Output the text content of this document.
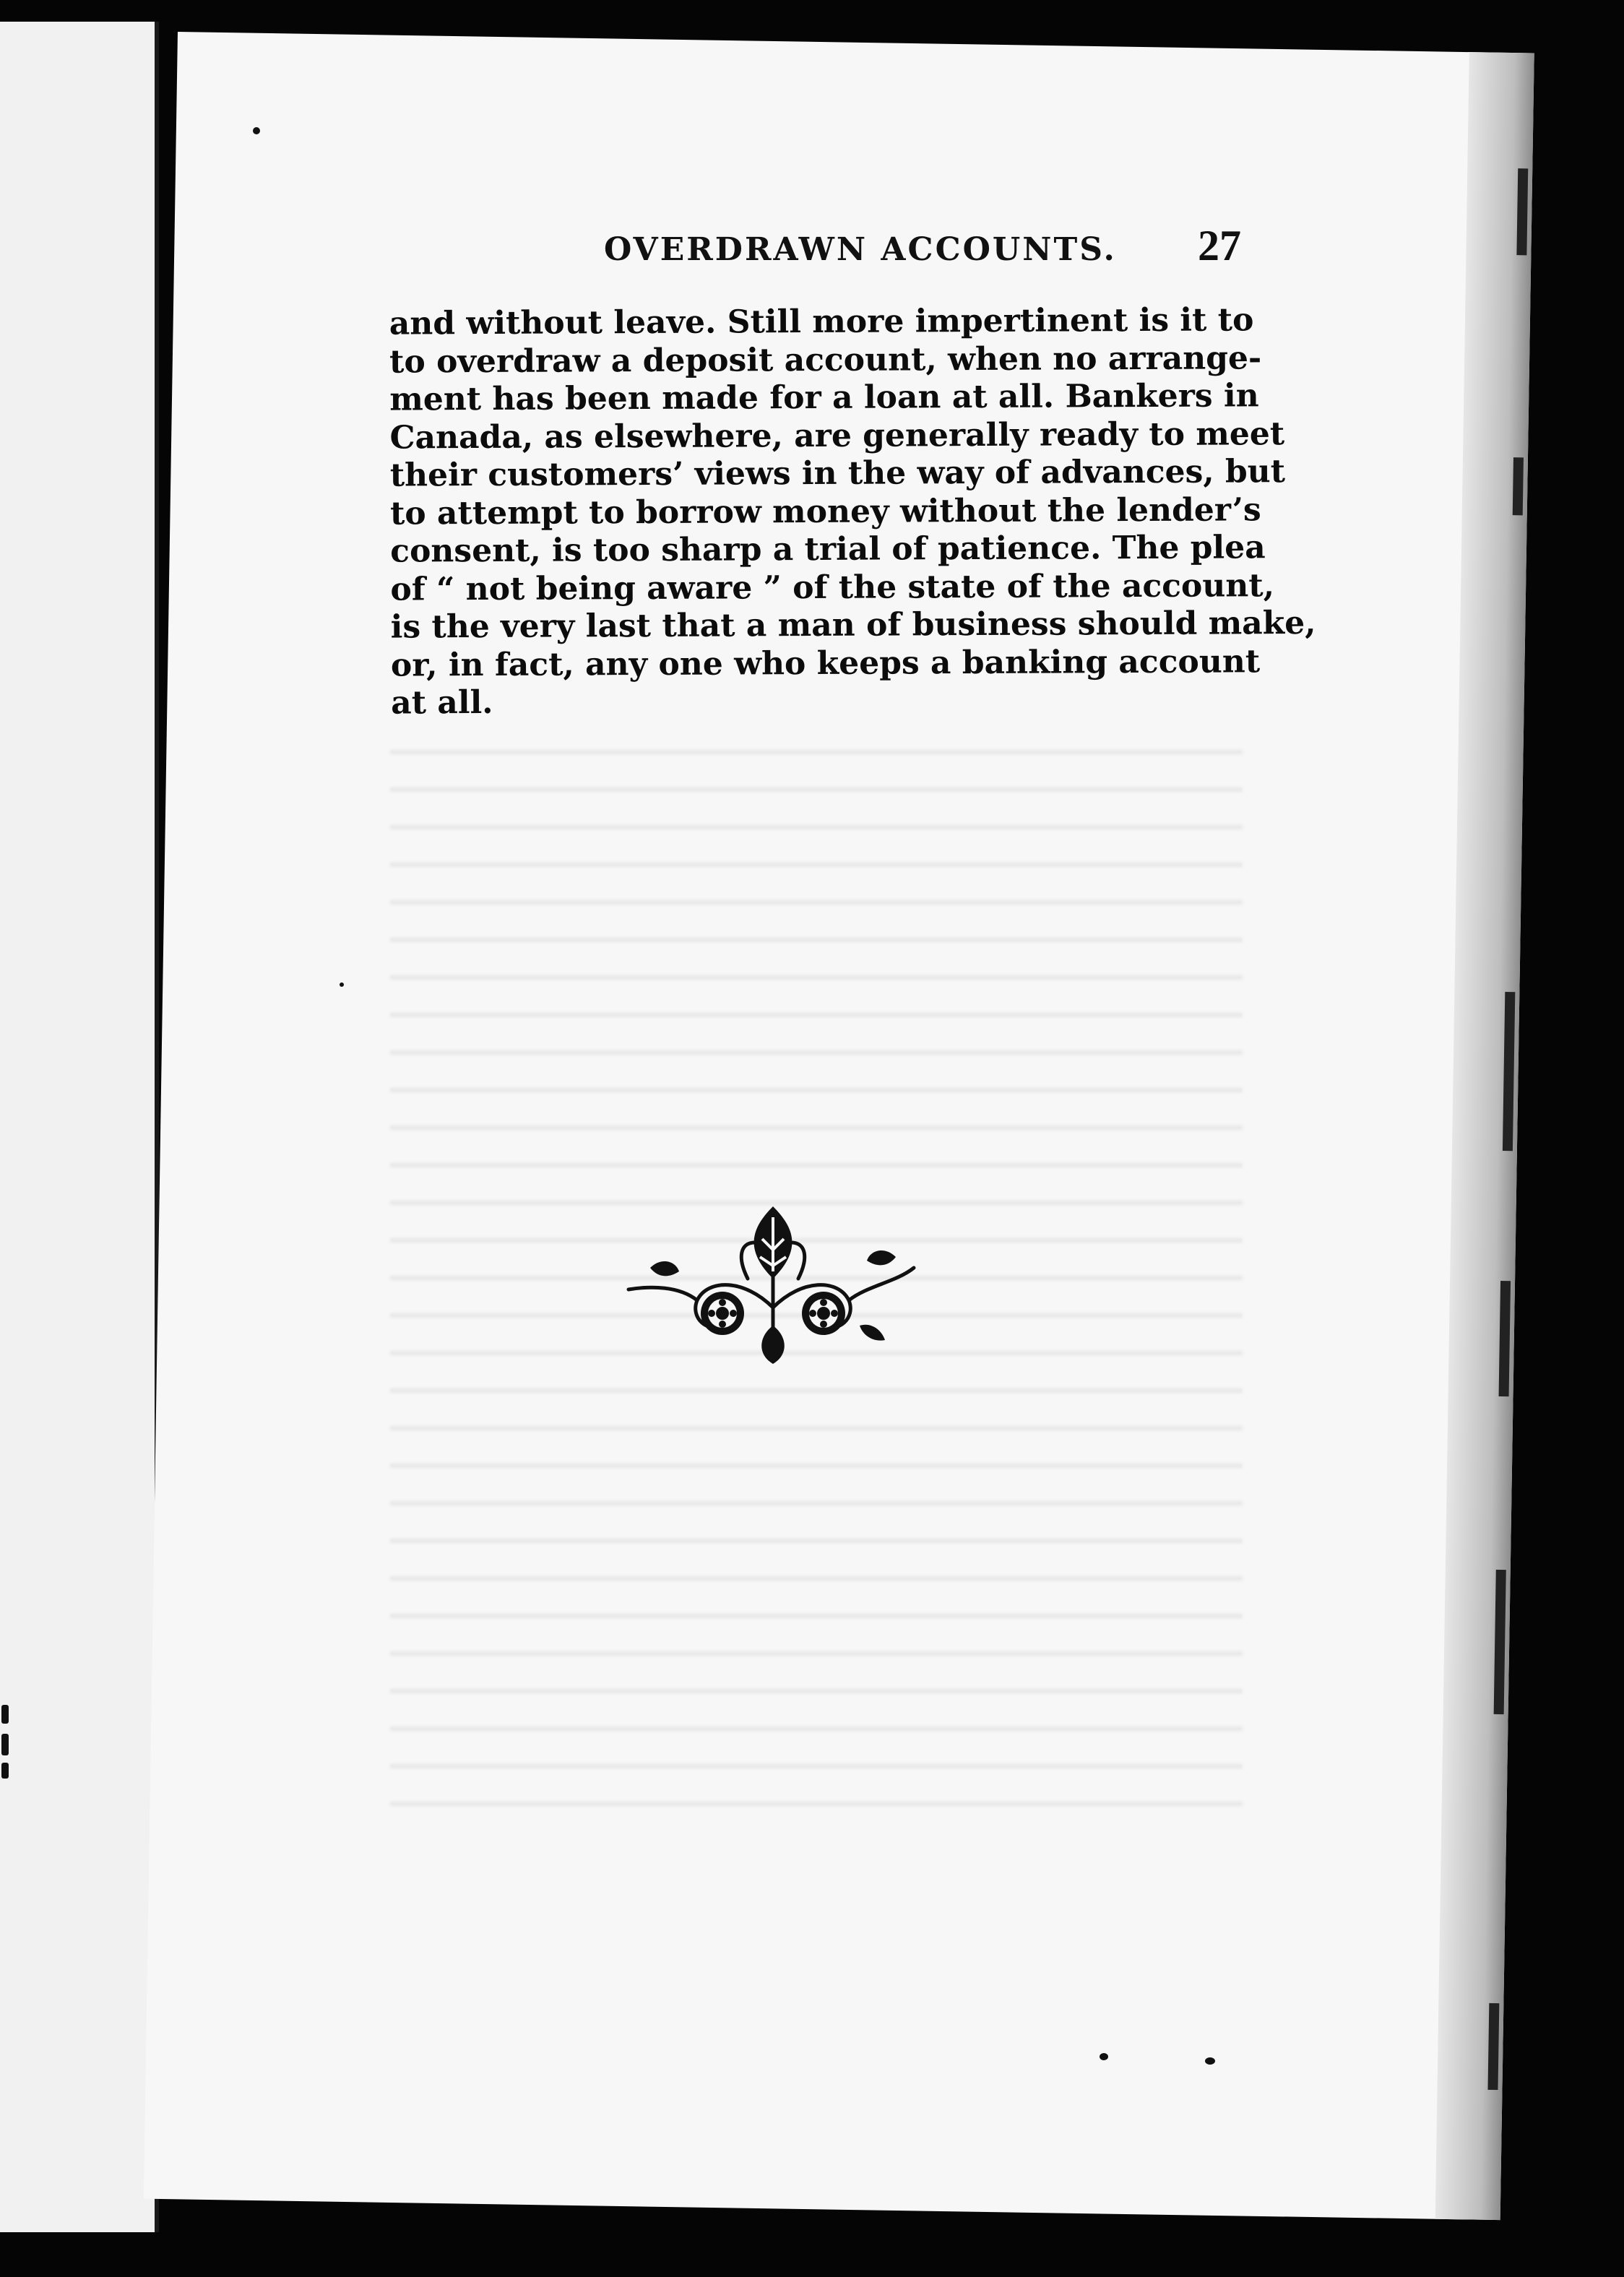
OVERDRAWN ACCOUNTS. 27
and without leave. Still more impertinent is it to
to overdraw a deposit account, when no arrange-
ment has been made for a loan at all. Bankers in
Canada, as elsewhere, are generally ready to meet
their customers’ views in the way of advances, but
to attempt to borrow money without the lender’s
consent, is too sharp a trial of patience. The plea
of “ not being aware ” of the state of the account,
is the very last that a man of business should make,
or, in fact, any one who keeps a banking account
at all.
